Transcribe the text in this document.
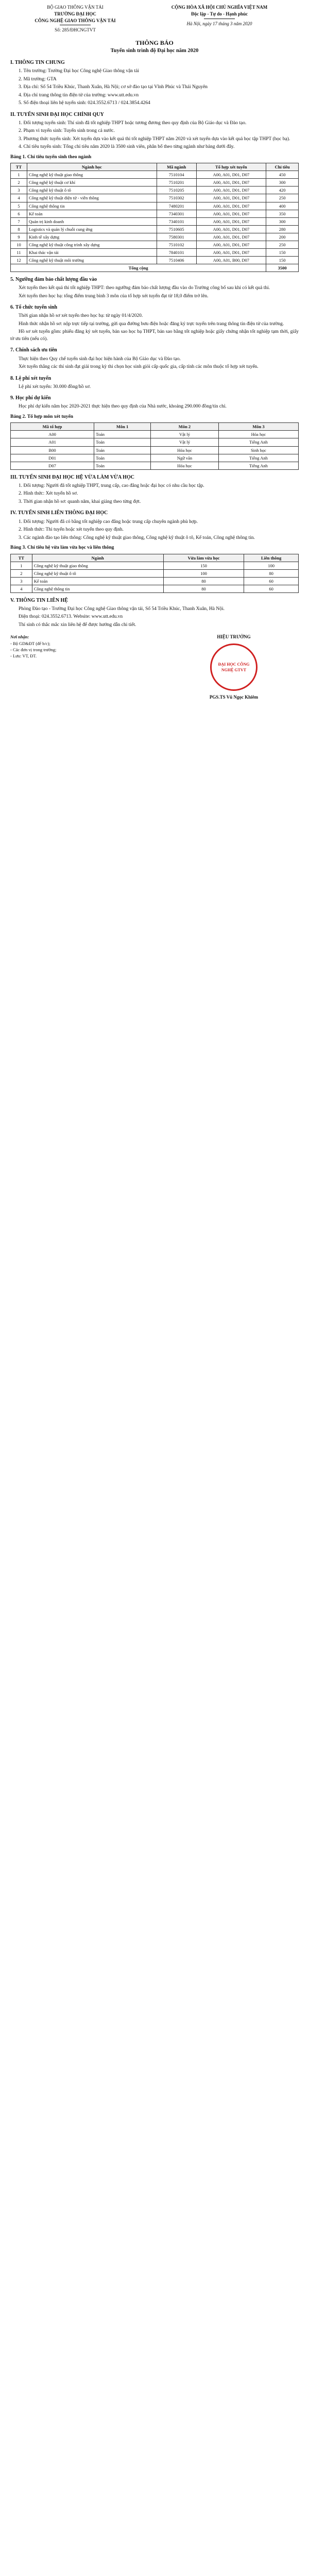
BỘ GIAO THÔNG VẬN TẢI
TRƯỜNG ĐẠI HỌC
CÔNG NGHỆ GIAO THÔNG VẬN TẢI
Số: 285/ĐHCNGTVT
CỘNG HÒA XÃ HỘI CHỦ NGHĨA VIỆT NAM
Độc lập - Tự do - Hạnh phúc
Hà Nội, ngày 17 tháng 3 năm 2020
THÔNG BÁO
Tuyển sinh trình độ Đại học năm 2020
I. THÔNG TIN CHUNG

1. Tên trường: Trường Đại học Công nghệ Giao thông vận tải

2. Mã trường: GTA

3. Địa chỉ: Số 54 Triều Khúc, Thanh Xuân, Hà Nội; cơ sở đào tạo tại Vĩnh Phúc và Thái Nguyên

4. Địa chỉ trang thông tin điện tử của trường: www.utt.edu.vn

5. Số điện thoại liên hệ tuyển sinh: 024.3552.6713 / 024.3854.4264

II. TUYỂN SINH ĐẠI HỌC CHÍNH QUY

1. Đối tượng tuyển sinh: Thí sinh đã tốt nghiệp THPT hoặc tương đương theo quy định của Bộ Giáo dục và Đào tạo.

2. Phạm vi tuyển sinh: Tuyển sinh trong cả nước.

3. Phương thức tuyển sinh: Xét tuyển dựa vào kết quả thi tốt nghiệp THPT năm 2020 và xét tuyển dựa vào kết quả học tập THPT (học bạ).

4. Chỉ tiêu tuyển sinh: Tổng chỉ tiêu năm 2020 là 3500 sinh viên, phân bổ theo từng ngành như bảng dưới đây.

Bảng 1. Chỉ tiêu tuyển sinh theo ngành
TT	Ngành học	Mã ngành	Tổ hợp xét tuyển	Chỉ tiêu
1	Công nghệ kỹ thuật giao thông	7510104	A00, A01, D01, D07	450
2	Công nghệ kỹ thuật cơ khí	7510201	A00, A01, D01, D07	300
3	Công nghệ kỹ thuật ô tô	7510205	A00, A01, D01, D07	420
4	Công nghệ kỹ thuật điện tử - viễn thông	7510302	A00, A01, D01, D07	250
5	Công nghệ thông tin	7480201	A00, A01, D01, D07	400
6	Kế toán	7340301	A00, A01, D01, D07	350
7	Quản trị kinh doanh	7340101	A00, A01, D01, D07	300
8	Logistics và quản lý chuỗi cung ứng	7510605	A00, A01, D01, D07	280
9	Kinh tế xây dựng	7580301	A00, A01, D01, D07	200
10	Công nghệ kỹ thuật công trình xây dựng	7510102	A00, A01, D01, D07	250
11	Khai thác vận tải	7840101	A00, A01, D01, D07	150
12	Công nghệ kỹ thuật môi trường	7510406	A00, A01, B00, D07	150
Tổng cộng				3500
5. Ngưỡng đảm bảo chất lượng đầu vào

Xét tuyển theo kết quả thi tốt nghiệp THPT: theo ngưỡng đảm bảo chất lượng đầu vào do Trường công bố sau khi có kết quả thi.

Xét tuyển theo học bạ: tổng điểm trung bình 3 môn của tổ hợp xét tuyển đạt từ 18,0 điểm trở lên.

6. Tổ chức tuyển sinh

Thời gian nhận hồ sơ xét tuyển theo học bạ: từ ngày 01/4/2020.

Hình thức nhận hồ sơ: nộp trực tiếp tại trường, gửi qua đường bưu điện hoặc đăng ký trực tuyến trên trang thông tin điện tử của trường.

Hồ sơ xét tuyển gồm: phiếu đăng ký xét tuyển, bản sao học bạ THPT, bản sao bằng tốt nghiệp hoặc giấy chứng nhận tốt nghiệp tạm thời, giấy tờ ưu tiên (nếu có).

7. Chính sách ưu tiên

Thực hiện theo Quy chế tuyển sinh đại học hiện hành của Bộ Giáo dục và Đào tạo.

Xét tuyển thẳng các thí sinh đạt giải trong kỳ thi chọn học sinh giỏi cấp quốc gia, cấp tỉnh các môn thuộc tổ hợp xét tuyển.

8. Lệ phí xét tuyển

Lệ phí xét tuyển: 30.000 đồng/hồ sơ.

9. Học phí dự kiến

Học phí dự kiến năm học 2020-2021 thực hiện theo quy định của Nhà nước, khoảng 290.000 đồng/tín chỉ.

Bảng 2. Tổ hợp môn xét tuyển
Mã tổ hợp	Môn 1	Môn 2	Môn 3
A00	Toán	Vật lý	Hóa học
A01	Toán	Vật lý	Tiếng Anh
B00	Toán	Hóa học	Sinh học
D01	Toán	Ngữ văn	Tiếng Anh
D07	Toán	Hóa học	Tiếng Anh
III. TUYỂN SINH ĐẠI HỌC HỆ VỪA LÀM VỪA HỌC

1. Đối tượng: Người đã tốt nghiệp THPT, trung cấp, cao đẳng hoặc đại học có nhu cầu học tập.

2. Hình thức: Xét tuyển hồ sơ.

3. Thời gian nhận hồ sơ: quanh năm, khai giảng theo từng đợt.

IV. TUYỂN SINH LIÊN THÔNG ĐẠI HỌC

1. Đối tượng: Người đã có bằng tốt nghiệp cao đẳng hoặc trung cấp chuyên ngành phù hợp.

2. Hình thức: Thi tuyển hoặc xét tuyển theo quy định.

3. Các ngành đào tạo liên thông: Công nghệ kỹ thuật giao thông, Công nghệ kỹ thuật ô tô, Kế toán, Công nghệ thông tin.

Bảng 3. Chỉ tiêu hệ vừa làm vừa học và liên thông
TT	Ngành	Vừa làm vừa học	Liên thông
1	Công nghệ kỹ thuật giao thông	150	100
2	Công nghệ kỹ thuật ô tô	100	80
3	Kế toán	80	60
4	Công nghệ thông tin	80	60
V. THÔNG TIN LIÊN HỆ

Phòng Đào tạo - Trường Đại học Công nghệ Giao thông vận tải, Số 54 Triều Khúc, Thanh Xuân, Hà Nội.

Điện thoại: 024.3552.6713. Website: www.utt.edu.vn

Thí sinh có thắc mắc xin liên hệ để được hướng dẫn chi tiết.

Nơi nhận:
- Bộ GD&ĐT (để b/c);
- Các đơn vị trong trường;
- Lưu: VT, ĐT.
HIỆU TRƯỞNG
ĐẠI HỌC CÔNG NGHỆ GTVT
PGS.TS Vũ Ngọc Khiêm
